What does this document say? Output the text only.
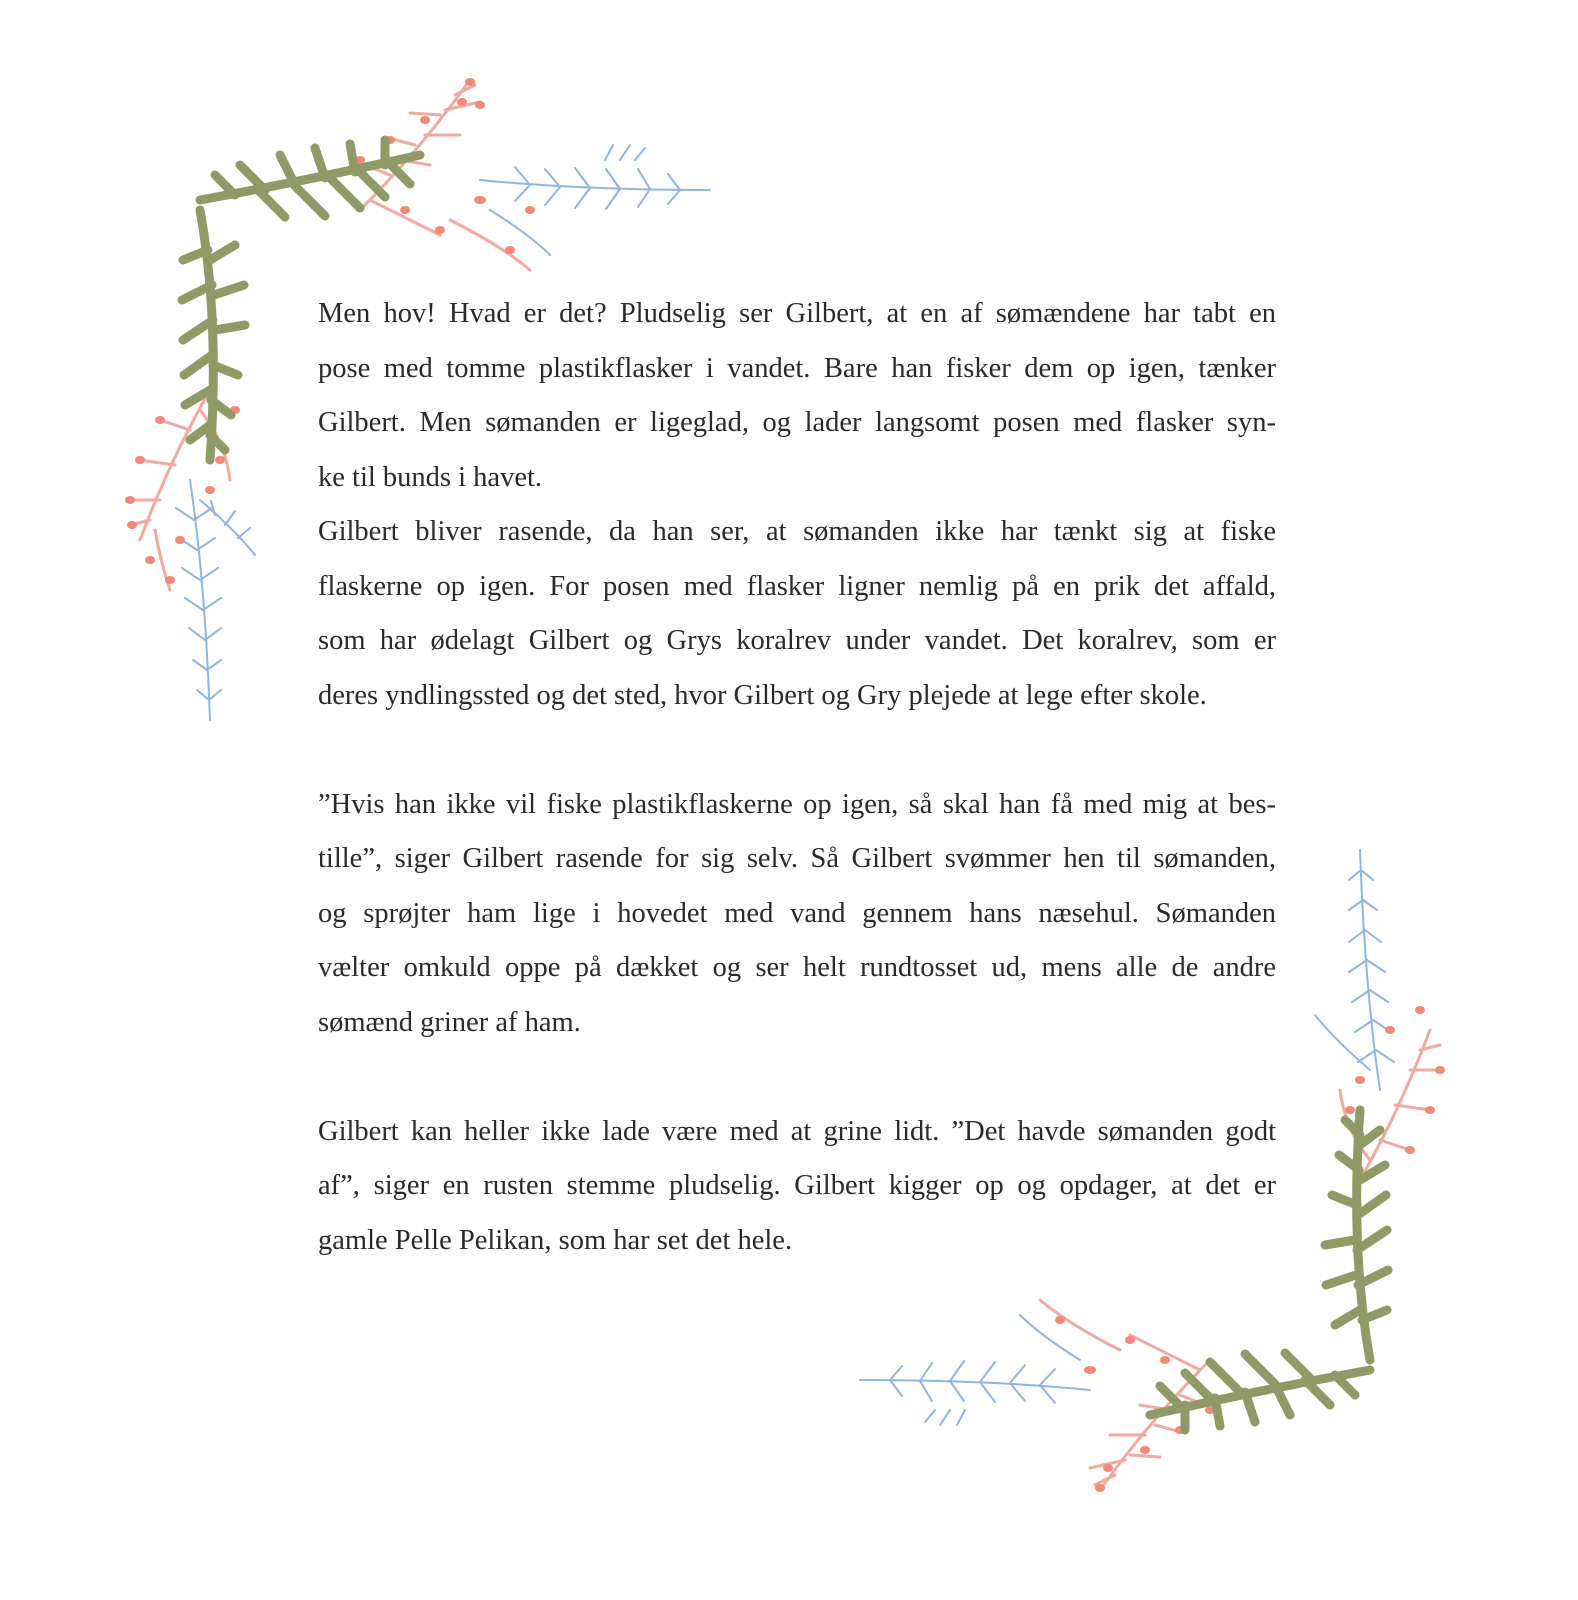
Men hov! Hvad er det? Pludselig ser Gilbert, at en af sømændene har tabt en
pose med tomme plastikflasker i vandet. Bare han fisker dem op igen, tænker
Gilbert. Men sømanden er ligeglad, og lader langsomt posen med flasker syn-
ke til bunds i havet.

Gilbert bliver rasende, da han ser, at sømanden ikke har tænkt sig at fiske
flaskerne op igen. For posen med flasker ligner nemlig på en prik det affald,
som har ødelagt Gilbert og Grys koralrev under vandet. Det koralrev, som er
deres yndlingssted og det sted, hvor Gilbert og Gry plejede at lege efter skole.

”Hvis han ikke vil fiske plastikflaskerne op igen, så skal han få med mig at bes-
tille”, siger Gilbert rasende for sig selv. Så Gilbert svømmer hen til sømanden,
og sprøjter ham lige i hovedet med vand gennem hans næsehul. Sømanden
vælter omkuld oppe på dækket og ser helt rundtosset ud, mens alle de andre
sømænd griner af ham.

Gilbert kan heller ikke lade være med at grine lidt. ”Det havde sømanden godt
af”, siger en rusten stemme pludselig. Gilbert kigger op og opdager, at det er
gamle Pelle Pelikan, som har set det hele.
